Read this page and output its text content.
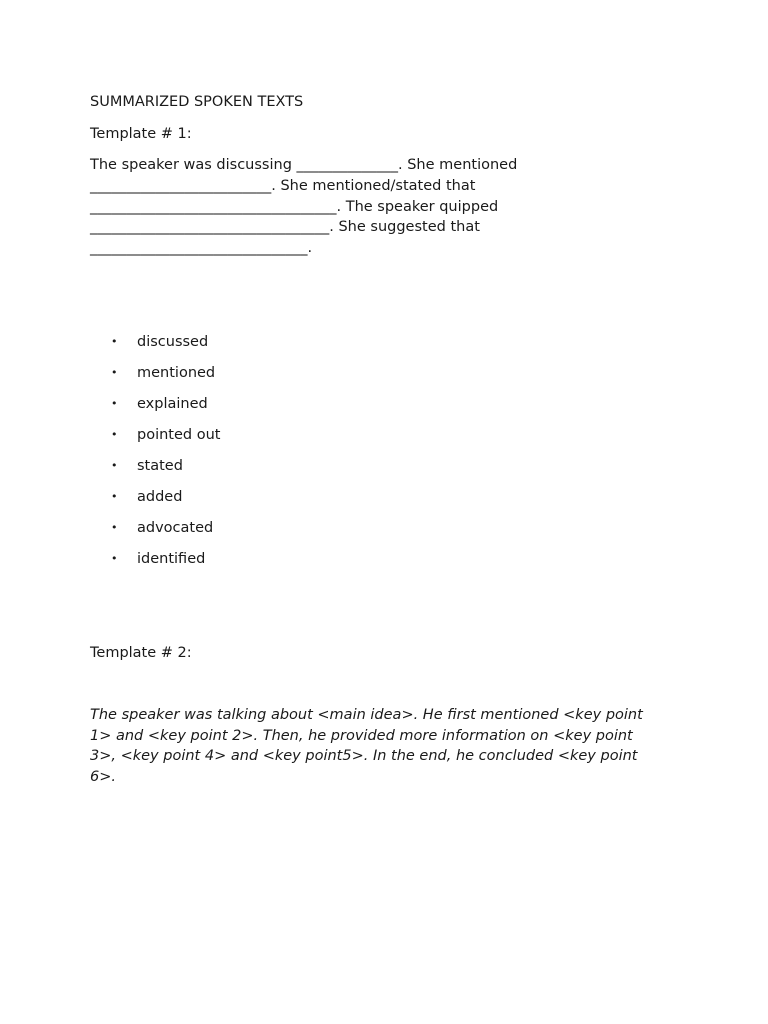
SUMMARIZED SPOKEN TEXTS
Template # 1:

The speaker was discussing ______________. She mentioned
_________________________. She mentioned/stated that
__________________________________. The speaker quipped
_________________________________. She suggested that
______________________________.

•	discussed
•	mentioned
•	explained
•	pointed out
•	stated
•	added
•	advocated
•	identified
Template # 2:

The speaker was talking about <main idea>. He first mentioned <key point
1> and <key point 2>. Then, he provided more information on <key point
3>, <key point 4> and <key point5>. In the end, he concluded <key point
6>.
